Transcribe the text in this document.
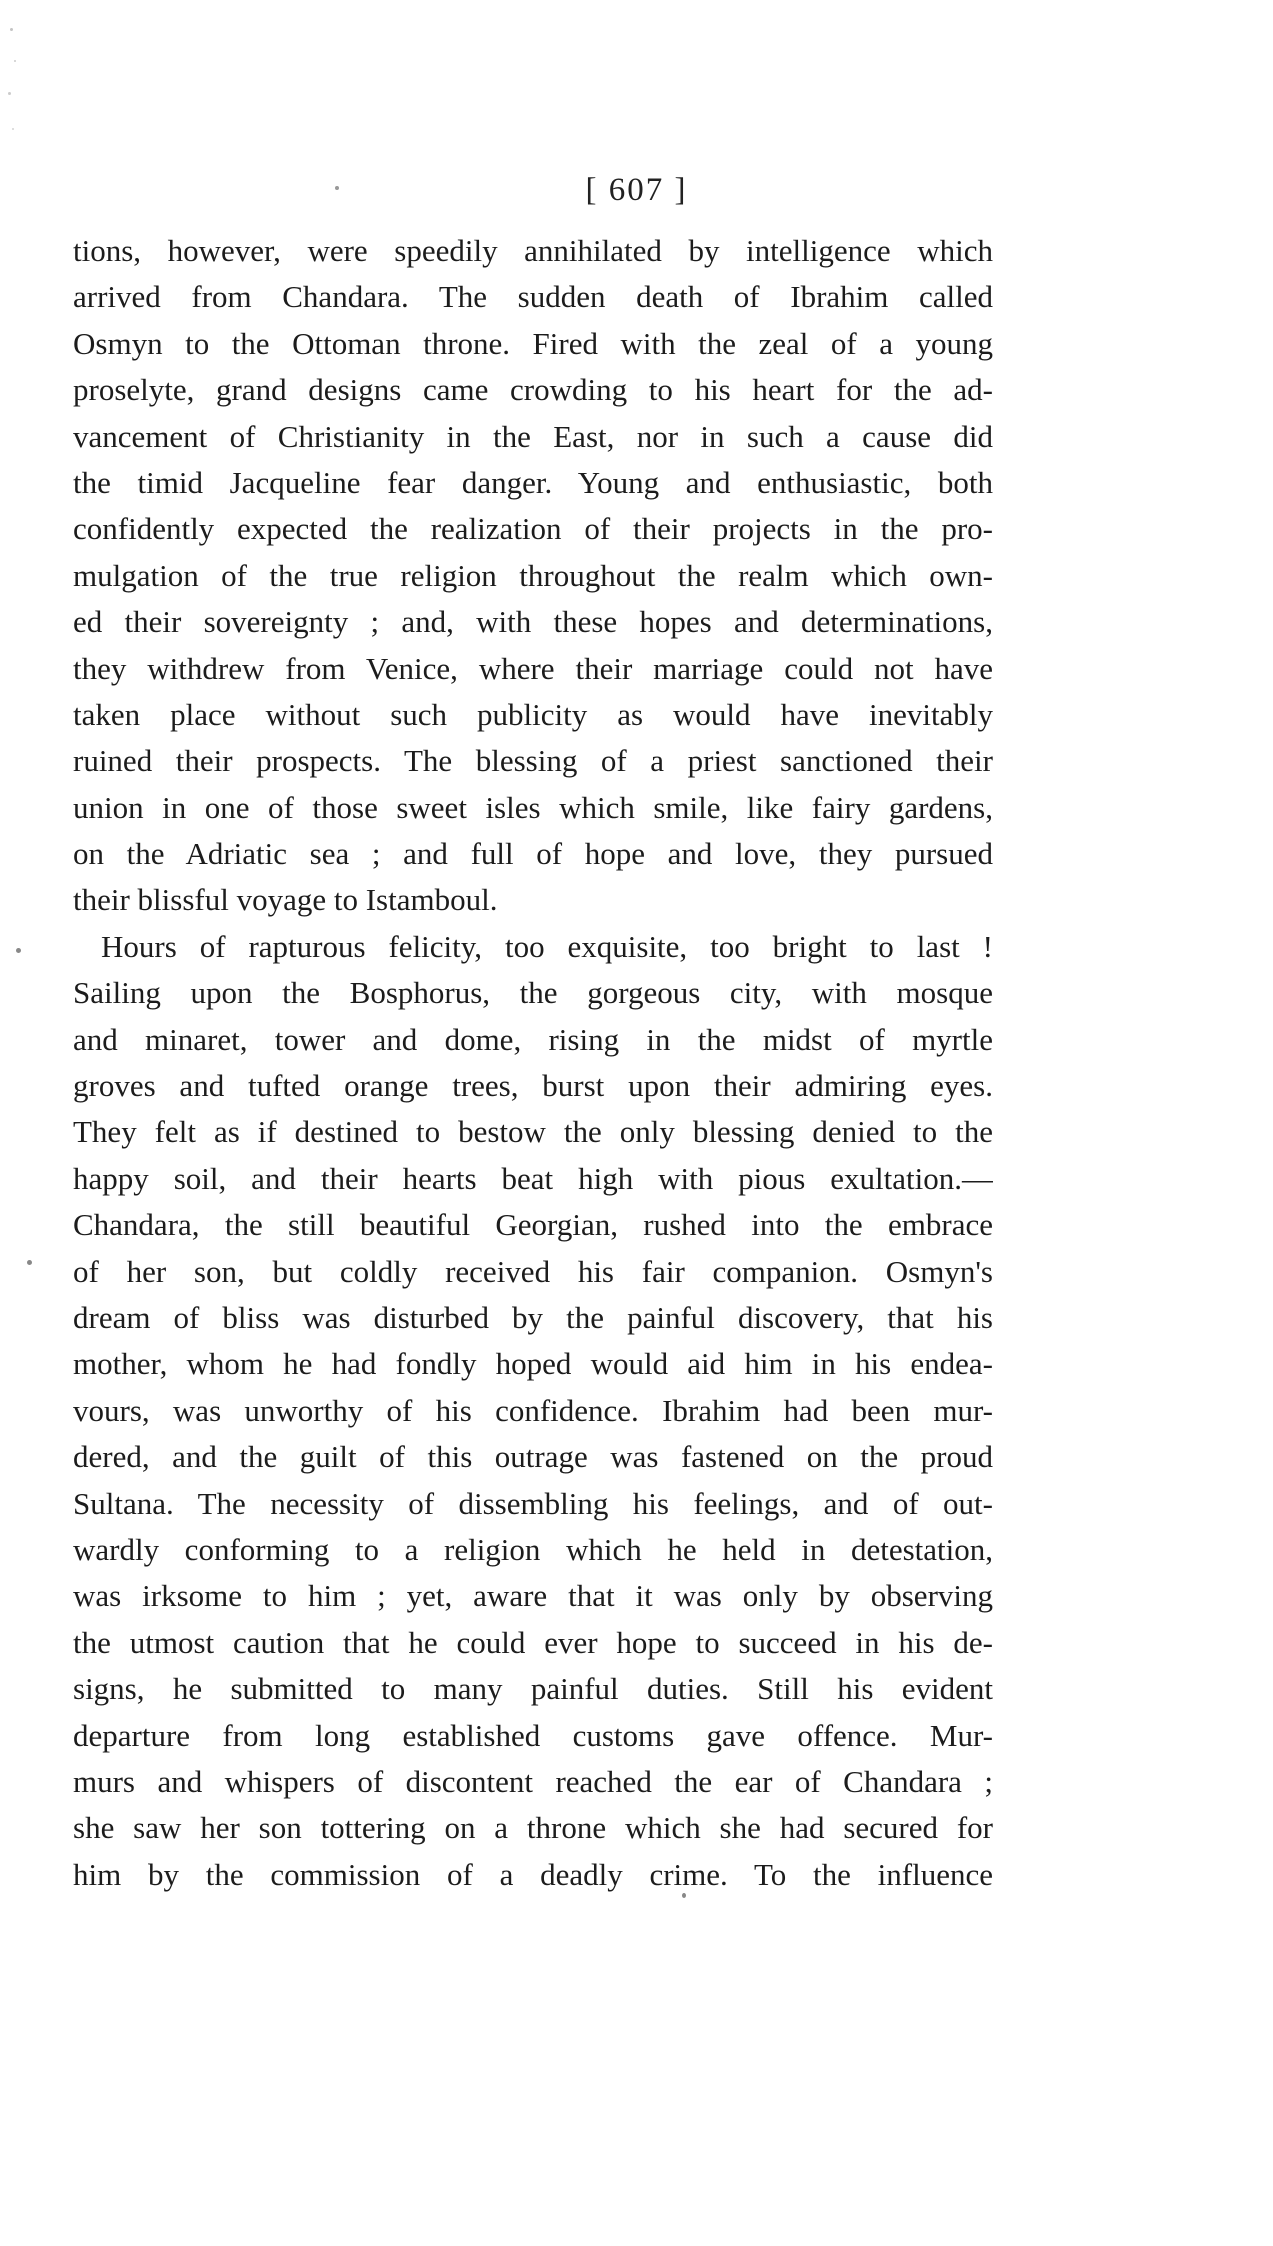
[ 607 ]
tions, however, were speedily annihilated by intelligence which
arrived from Chandara. The sudden death of Ibrahim called
Osmyn to the Ottoman throne. Fired with the zeal of a young
proselyte, grand designs came crowding to his heart for the ad-
vancement of Christianity in the East, nor in such a cause did
the timid Jacqueline fear danger. Young and enthusiastic, both
confidently expected the realization of their projects in the pro-
mulgation of the true religion throughout the realm which own-
ed their sovereignty ; and, with these hopes and determinations,
they withdrew from Venice, where their marriage could not have
taken place without such publicity as would have inevitably
ruined their prospects. The blessing of a priest sanctioned their
union in one of those sweet isles which smile, like fairy gardens,
on the Adriatic sea ; and full of hope and love, they pursued
their blissful voyage to Istamboul.
Hours of rapturous felicity, too exquisite, too bright to last !
Sailing upon the Bosphorus, the gorgeous city, with mosque
and minaret, tower and dome, rising in the midst of myrtle
groves and tufted orange trees, burst upon their admiring eyes.
They felt as if destined to bestow the only blessing denied to the
happy soil, and their hearts beat high with pious exultation.—
Chandara, the still beautiful Georgian, rushed into the embrace
of her son, but coldly received his fair companion. Osmyn's
dream of bliss was disturbed by the painful discovery, that his
mother, whom he had fondly hoped would aid him in his endea-
vours, was unworthy of his confidence. Ibrahim had been mur-
dered, and the guilt of this outrage was fastened on the proud
Sultana. The necessity of dissembling his feelings, and of out-
wardly conforming to a religion which he held in detestation,
was irksome to him ; yet, aware that it was only by observing
the utmost caution that he could ever hope to succeed in his de-
signs, he submitted to many painful duties. Still his evident
departure from long established customs gave offence. Mur-
murs and whispers of discontent reached the ear of Chandara ;
she saw her son tottering on a throne which she had secured for
him by the commission of a deadly crime. To the influence
